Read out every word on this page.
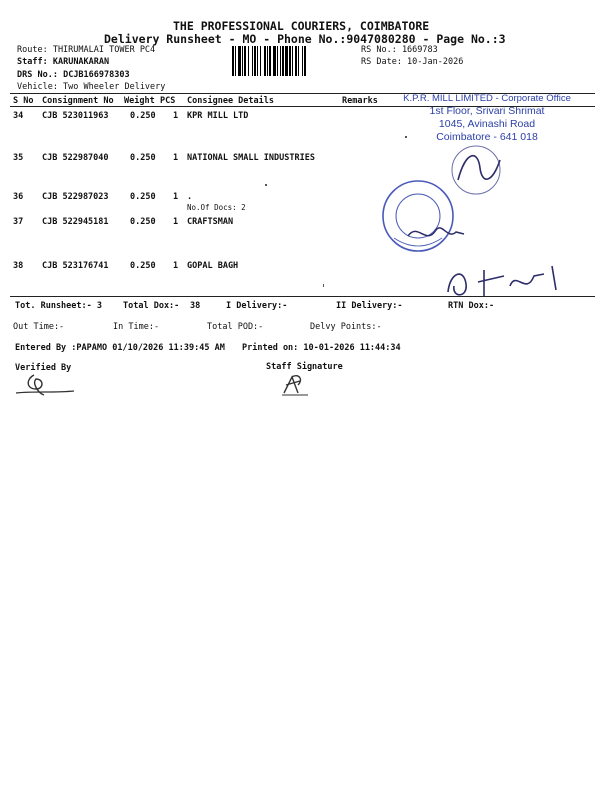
THE PROFESSIONAL COURIERS, COIMBATORE
Delivery Runsheet - MO - Phone No.:9047080280 - Page No.:3
Route: THIRUMALAI TOWER PC4
Staff: KARUNAKARAN
DRS No.: DCJB166978303
Vehicle: Two Wheeler Delivery
RS No.: 1669783
RS Date: 10-Jan-2026
S No Consignment No Weight PCS Consignee Details	Remarks
34 CJB 523011963	0.250 1 KPR MILL LTD
35 CJB 522987040	0.250 1 NATIONAL SMALL INDUSTRIES
36 CJB 522987023	0.250 1 .
No.Of Docs: 2
37 CJB 522945181	0.250 1 CRAFTSMAN
38 CJB 523176741	0.250 1 GOPAL BAGH
Tot. Runsheet:- 3 Total Dox:- 38	I Delivery:-	II Delivery:-	RTN Dox:-
Out Time:-	In Time:-	Total POD:-	Delvy Points:-
Entered By :PAPAMO 01/10/2026 11:39:45 AM Printed on: 10-01-2026 11:44:34
Verified By	Staff Signature
K.P.R. MILL LIMITED - Corporate Office
1st Floor, Srivari Shrimat
1045, Avinashi Road
Coimbatore - 641 018
